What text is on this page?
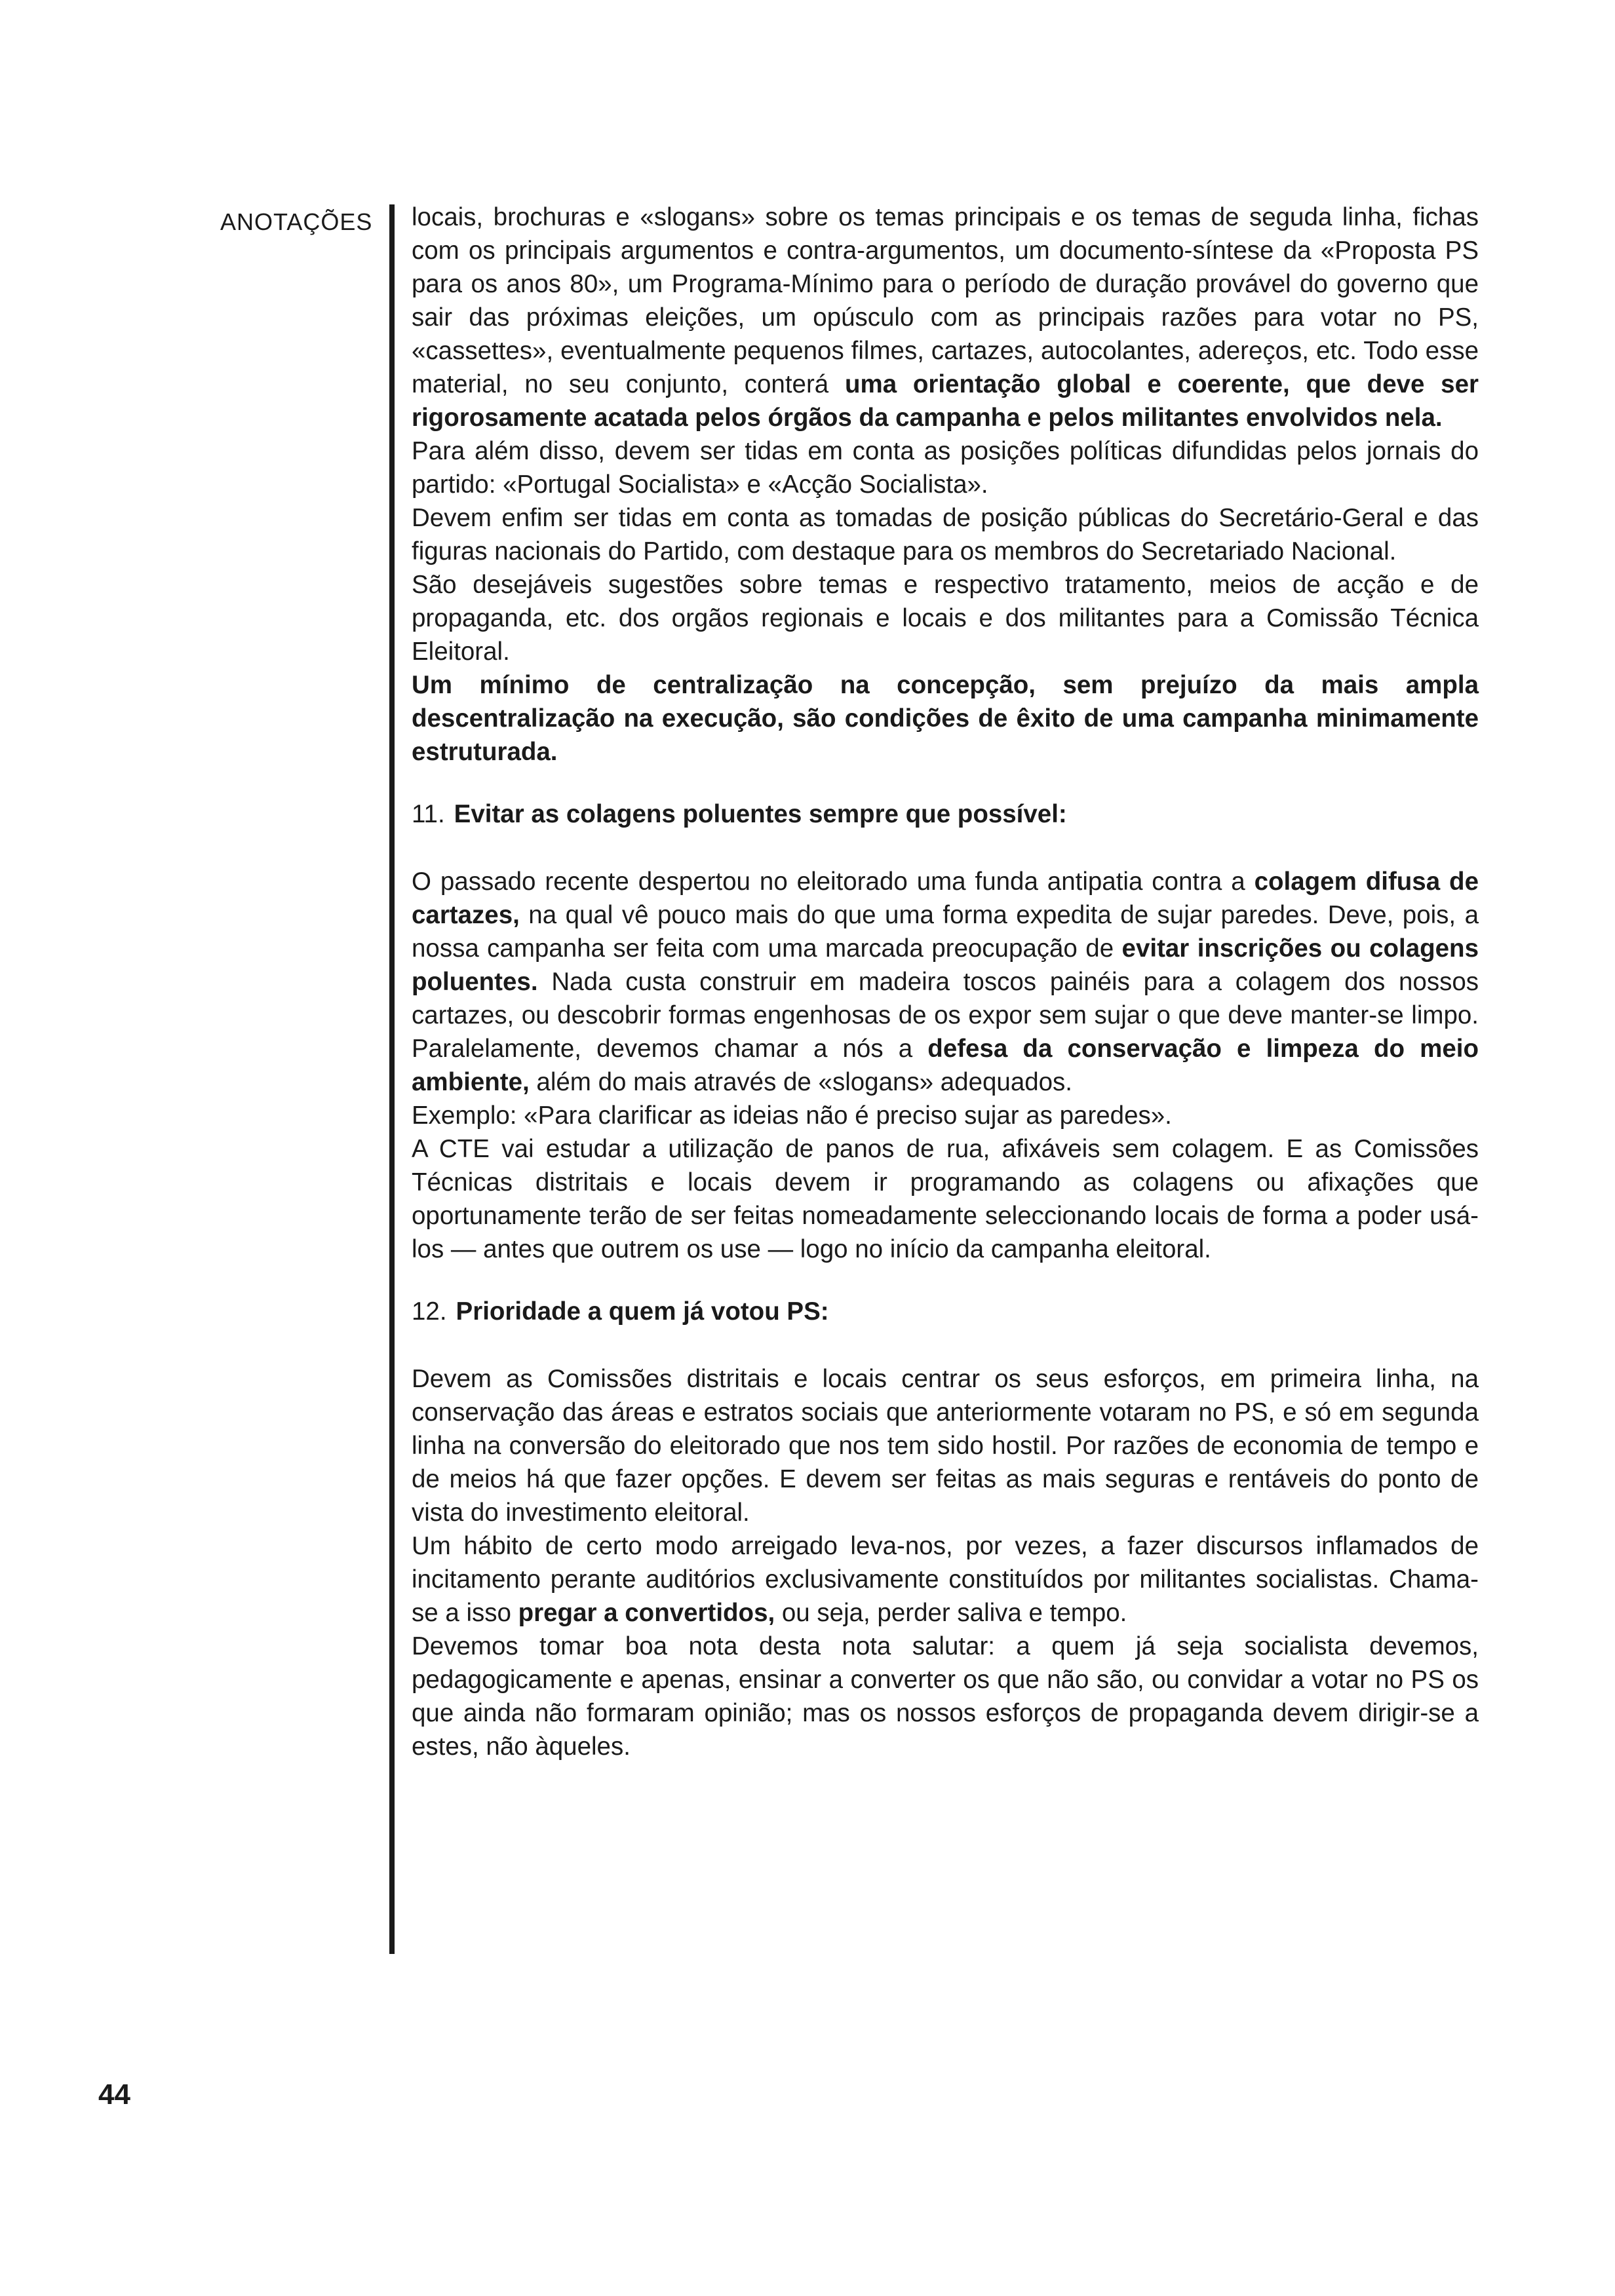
ANOTAÇÕES locais, brochuras e «slogans» sobre os temas principais e os temas de seguda linha, fichas com os principais argumentos e contra-argumentos, um documento-síntese da «Proposta PS para os anos 80», um Programa-Mínimo para o período de duração provável do governo que sair das próximas eleições, um opúsculo com as principais razões para votar no PS, «cassettes», eventualmente pequenos filmes, cartazes, autocolantes, adereços, etc. Todo esse material, no seu conjunto, conterá uma orientação global e coerente, que deve ser rigorosamente acatada pelos órgãos da campanha e pelos militantes envolvidos nela.

Para além disso, devem ser tidas em conta as posições políticas difundidas pelos jornais do partido: «Portugal Socialista» e «Acção Socialista».

Devem enfim ser tidas em conta as tomadas de posição públicas do Secretário-Geral e das figuras nacionais do Partido, com destaque para os membros do Secretariado Nacional.

São desejáveis sugestões sobre temas e respectivo tratamento, meios de acção e de propaganda, etc. dos orgãos regionais e locais e dos militantes para a Comissão Técnica Eleitoral.

Um mínimo de centralização na concepção, sem prejuízo da mais ampla descentralização na execução, são condições de êxito de uma campanha minimamente estruturada.

11. Evitar as colagens poluentes sempre que possível:

O passado recente despertou no eleitorado uma funda antipatia contra a colagem difusa de cartazes, na qual vê pouco mais do que uma forma expedita de sujar paredes. Deve, pois, a nossa campanha ser feita com uma marcada preocupação de evitar inscrições ou colagens poluentes. Nada custa construir em madeira toscos painéis para a colagem dos nossos cartazes, ou descobrir formas engenhosas de os expor sem sujar o que deve manter-se limpo. Paralelamente, devemos chamar a nós a defesa da conservação e limpeza do meio ambiente, além do mais através de «slogans» adequados.

Exemplo: «Para clarificar as ideias não é preciso sujar as paredes».

A CTE vai estudar a utilização de panos de rua, afixáveis sem colagem. E as Comissões Técnicas distritais e locais devem ir programando as colagens ou afixações que oportunamente terão de ser feitas nomeadamente seleccionando locais de forma a poder usá-los — antes que outrem os use — logo no início da campanha eleitoral.

12. Prioridade a quem já votou PS:

Devem as Comissões distritais e locais centrar os seus esforços, em primeira linha, na conservação das áreas e estratos sociais que anteriormente votaram no PS, e só em segunda linha na conversão do eleitorado que nos tem sido hostil. Por razões de economia de tempo e de meios há que fazer opções. E devem ser feitas as mais seguras e rentáveis do ponto de vista do investimento eleitoral.

Um hábito de certo modo arreigado leva-nos, por vezes, a fazer discursos inflamados de incitamento perante auditórios exclusivamente constituídos por militantes socialistas. Chama-se a isso pregar a convertidos, ou seja, perder saliva e tempo.

Devemos tomar boa nota desta nota salutar: a quem já seja socialista devemos, pedagogicamente e apenas, ensinar a converter os que não são, ou convidar a votar no PS os que ainda não formaram opinião; mas os nossos esforços de propaganda devem dirigir-se a estes, não àqueles.

44
